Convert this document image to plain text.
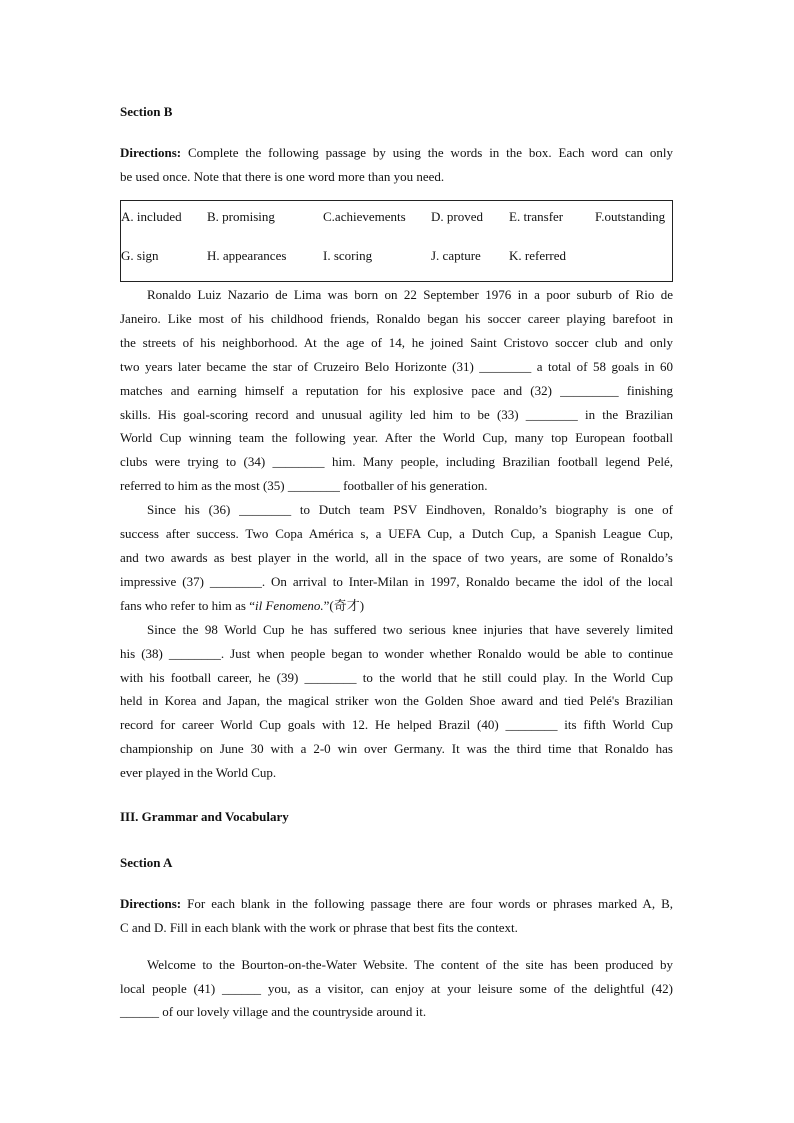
Section B

Directions: Complete the following passage by using the words in the box. Each word can only
be used once. Note that there is one word more than you need.
A. included B. promising	C.achievements D. proved E. transfer F.outstanding
G. sign	H. appearances	I. scoring	J. capture K. referred
Ronaldo Luiz Nazario de Lima was born on 22 September 1976 in a poor suburb of Rio de
Janeiro. Like most of his childhood friends, Ronaldo began his soccer career playing barefoot in
the streets of his neighborhood. At the age of 14, he joined Saint Cristovo soccer club and only
two years later became the star of Cruzeiro Belo Horizonte (31) ________ a total of 58 goals in 60
matches and earning himself a reputation for his explosive pace and (32) _________ finishing
skills. His goal-scoring record and unusual agility led him to be (33) ________ in the Brazilian
World Cup winning team the following year. After the World Cup, many top European football
clubs were trying to (34) ________ him. Many people, including Brazilian football legend Pelé,
referred to him as the most (35) ________ footballer of his generation.
Since his (36) ________ to Dutch team PSV Eindhoven, Ronaldo’s biography is one of
success after success. Two Copa América s, a UEFA Cup, a Dutch Cup, a Spanish League Cup,
and two awards as best player in the world, all in the space of two years, are some of Ronaldo’s
impressive (37) ________. On arrival to Inter-Milan in 1997, Ronaldo became the idol of the local
fans who refer to him as “il Fenomeno.”(奇才)
Since the 98 World Cup he has suffered two serious knee injuries that have severely limited
his (38) ________. Just when people began to wonder whether Ronaldo would be able to continue
with his football career, he (39) ________ to the world that he still could play. In the World Cup
held in Korea and Japan, the magical striker won the Golden Shoe award and tied Pelé's Brazilian
record for career World Cup goals with 12. He helped Brazil (40) ________ its fifth World Cup
championship on June 30 with a 2-0 win over Germany. It was the third time that Ronaldo has
ever played in the World Cup.

III. Grammar and Vocabulary

Section A

Directions: For each blank in the following passage there are four words or phrases marked A, B,
C and D. Fill in each blank with the work or phrase that best fits the context.
Welcome to the Bourton-on-the-Water Website. The content of the site has been produced by
local people (41) ______ you, as a visitor, can enjoy at your leisure some of the delightful (42)
______ of our lovely village and the countryside around it.
